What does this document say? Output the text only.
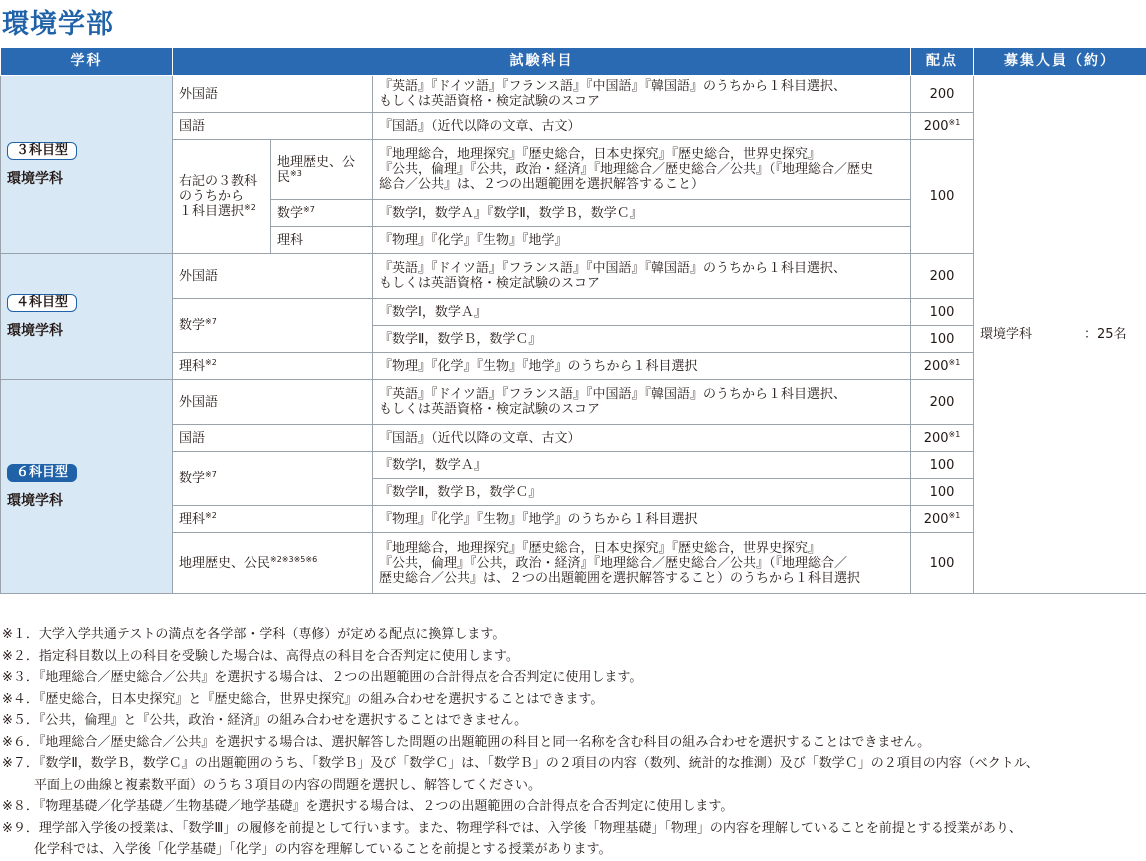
環境学部
学科	試験科目			配点	募集人員（約）
３科目型
環境学科	外国語		『英語』『ドイツ語』『フランス語』『中国語』『韓国語』のうちから１科目選択、
もしくは英語資格・検定試験のスコア	200	環境学科 ：25名
	国語		『国語』（近代以降の文章、古文）	200$^{※1}$
	右記の３教科
のうちから
１科目選択$^{※2}$	地理歴史、公民$^{※3}$	『地理総合，地理探究』『歴史総合，日本史探究』『歴史総合，世界史探究』
『公共，倫理』『公共，政治・経済』『地理総合／歴史総合／公共』（『地理総合／歴史
総合／公共』は、２つの出題範囲を選択解答すること）	100	
		数学$^{※7}$	『数学Ⅰ，数学Ａ』『数学Ⅱ，数学Ｂ，数学Ｃ』		
		理科	『物理』『化学』『生物』『地学』		
４科目型
環境学科	外国語		『英語』『ドイツ語』『フランス語』『中国語』『韓国語』のうちから１科目選択、
もしくは英語資格・検定試験のスコア	200	
	数学$^{※7}$		『数学Ⅰ，数学Ａ』	100	
			『数学Ⅱ，数学Ｂ，数学Ｃ』	100	
	理科$^{※2}$		『物理』『化学』『生物』『地学』のうちから１科目選択	200$^{※1}$
６科目型
環境学科	外国語		『英語』『ドイツ語』『フランス語』『中国語』『韓国語』のうちから１科目選択、
もしくは英語資格・検定試験のスコア	200	
	国語		『国語』（近代以降の文章、古文）	200$^{※1}$
	数学$^{※7}$		『数学Ⅰ，数学Ａ』	100	
			『数学Ⅱ，数学Ｂ，数学Ｃ』	100	
	理科$^{※2}$		『物理』『化学』『生物』『地学』のうちから１科目選択	200$^{※1}$
	地理歴史、公民$^{※2※3※5※6}$		『地理総合，地理探究』『歴史総合，日本史探究』『歴史総合，世界史探究』
『公共，倫理』『公共，政治・経済』『地理総合／歴史総合／公共』（『地理総合／
歴史総合／公共』は、２つの出題範囲を選択解答すること）のうちから１科目選択	100	
※１．大学入学共通テストの満点を各学部・学科（専修）が定める配点に換算します。
※２．指定科目数以上の科目を受験した場合は、高得点の科目を合否判定に使用します。
※３．『地理総合／歴史総合／公共』を選択する場合は、２つの出題範囲の合計得点を合否判定に使用します。
※４．『歴史総合，日本史探究』と『歴史総合，世界史探究』の組み合わせを選択することはできます。
※５．『公共，倫理』と『公共，政治・経済』の組み合わせを選択することはできません。
※６．『地理総合／歴史総合／公共』を選択する場合は、選択解答した問題の出題範囲の科目と同一名称を含む科目の組み合わせを選択することはできません。
※７．『数学Ⅱ，数学Ｂ，数学Ｃ』の出題範囲のうち、「数学Ｂ」及び「数学Ｃ」は、「数学Ｂ」の２項目の内容（数列、統計的な推測）及び「数学Ｃ」の２項目の内容（ベクトル、
平面上の曲線と複素数平面）のうち３項目の内容の問題を選択し、解答してください。
※８．『物理基礎／化学基礎／生物基礎／地学基礎』を選択する場合は、２つの出題範囲の合計得点を合否判定に使用します。
※９．理学部入学後の授業は、「数学Ⅲ」の履修を前提として行います。また、物理学科では、入学後「物理基礎」「物理」の内容を理解していることを前提とする授業があり、
化学科では、入学後「化学基礎」「化学」の内容を理解していることを前提とする授業があります。
